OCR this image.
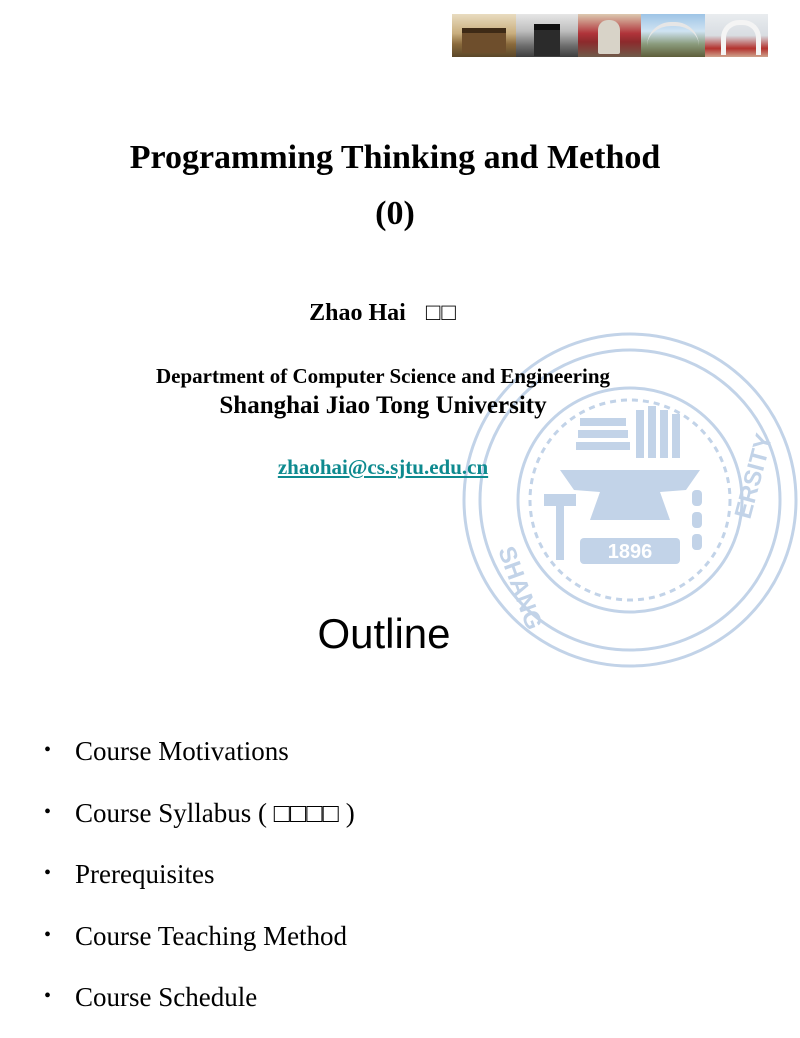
1896
SHANG
ERSITY
Programming Thinking and Method
(0)
Zhao Hai □□
Department of Computer Science and Engineering
Shanghai Jiao Tong University
zhaohai@cs.sjtu.edu.cn
Outline
• Course Motivations
• Course Syllabus ( □□□□ )
• Prerequisites
• Course Teaching Method
• Course Schedule
